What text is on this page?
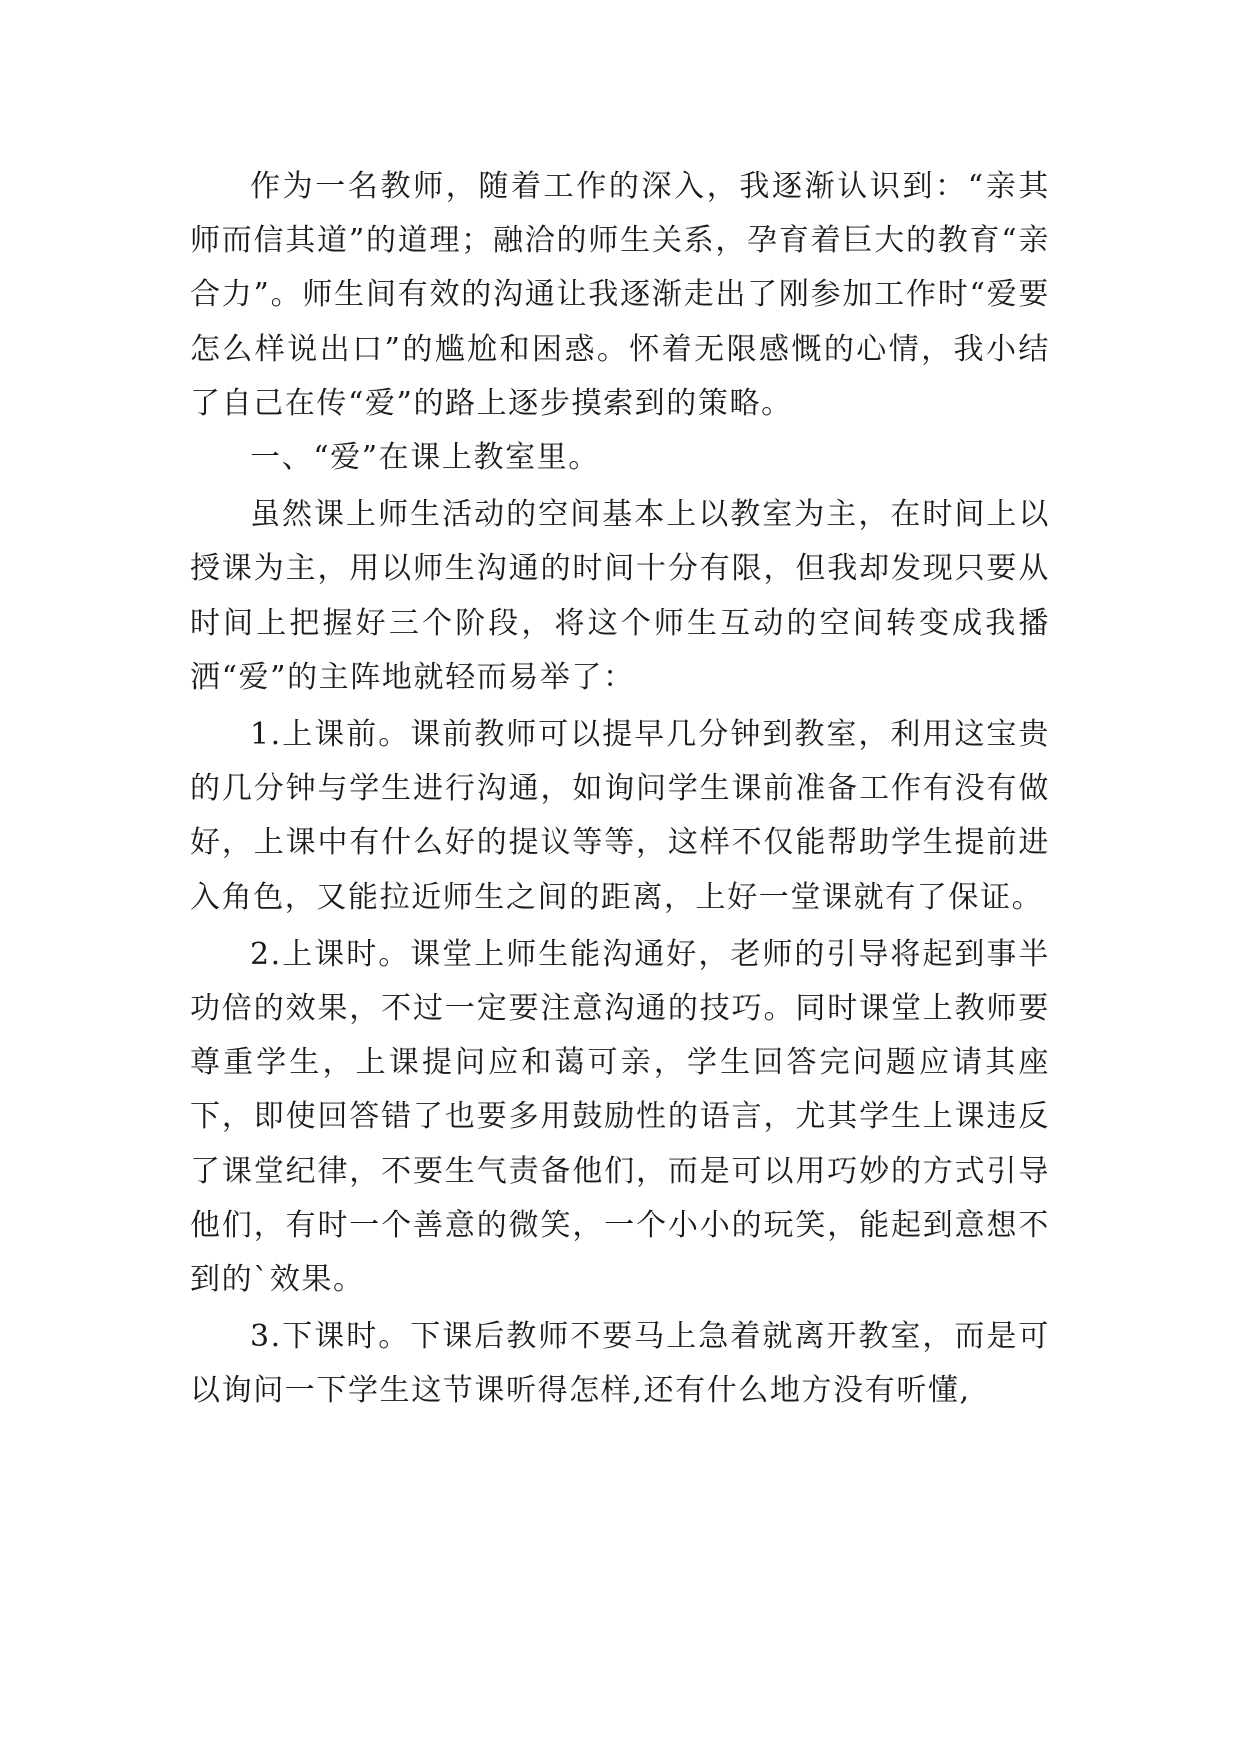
作为一名教师，随着工作的深入，我逐渐认识到：“亲其师而信其道”的道理；融洽的师生关系，孕育着巨大的教育“亲合力”。师生间有效的沟通让我逐渐走出了刚参加工作时“爱要怎么样说出口”的尴尬和困惑。怀着无限感慨的心情，我小结了自己在传“爱”的路上逐步摸索到的策略。

一、“爱”在课上教室里。

虽然课上师生活动的空间基本上以教室为主，在时间上以授课为主，用以师生沟通的时间十分有限，但我却发现只要从时间上把握好三个阶段，将这个师生互动的空间转变成我播洒“爱”的主阵地就轻而易举了：

1.上课前。课前教师可以提早几分钟到教室，利用这宝贵的几分钟与学生进行沟通，如询问学生课前准备工作有没有做好，上课中有什么好的提议等等，这样不仅能帮助学生提前进入角色，又能拉近师生之间的距离，上好一堂课就有了保证。

2.上课时。课堂上师生能沟通好，老师的引导将起到事半功倍的效果，不过一定要注意沟通的技巧。同时课堂上教师要尊重学生，上课提问应和蔼可亲，学生回答完问题应请其座下，即使回答错了也要多用鼓励性的语言，尤其学生上课违反了课堂纪律，不要生气责备他们，而是可以用巧妙的方式引导他们，有时一个善意的微笑，一个小小的玩笑，能起到意想不到的`效果。

3.下课时。下课后教师不要马上急着就离开教室，而是可以询问一下学生这节课听得怎样,还有什么地方没有听懂,
